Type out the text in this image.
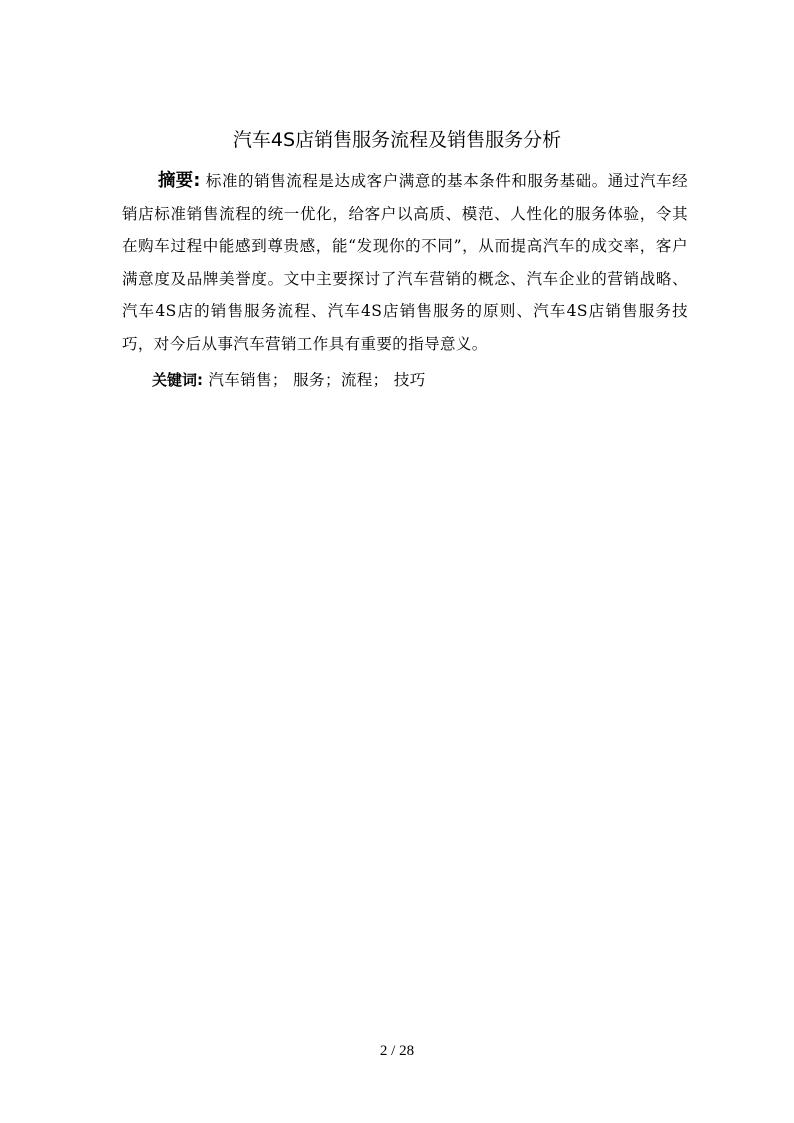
汽车4S店销售服务流程及销售服务分析

摘要: 标准的销售流程是达成客户满意的基本条件和服务基础。通过汽车经销店标准销售流程的统一优化，给客户以高质、模范、人性化的服务体验，令其在购车过程中能感到尊贵感，能“发现你的不同”，从而提高汽车的成交率，客户满意度及品牌美誉度。文中主要探讨了汽车营销的概念、汽车企业的营销战略、汽车4S店的销售服务流程、汽车4S店销售服务的原则、汽车4S店销售服务技巧，对今后从事汽车营销工作具有重要的指导意义。

关键词: 汽车销售； 服务；流程； 技巧

2 / 28
